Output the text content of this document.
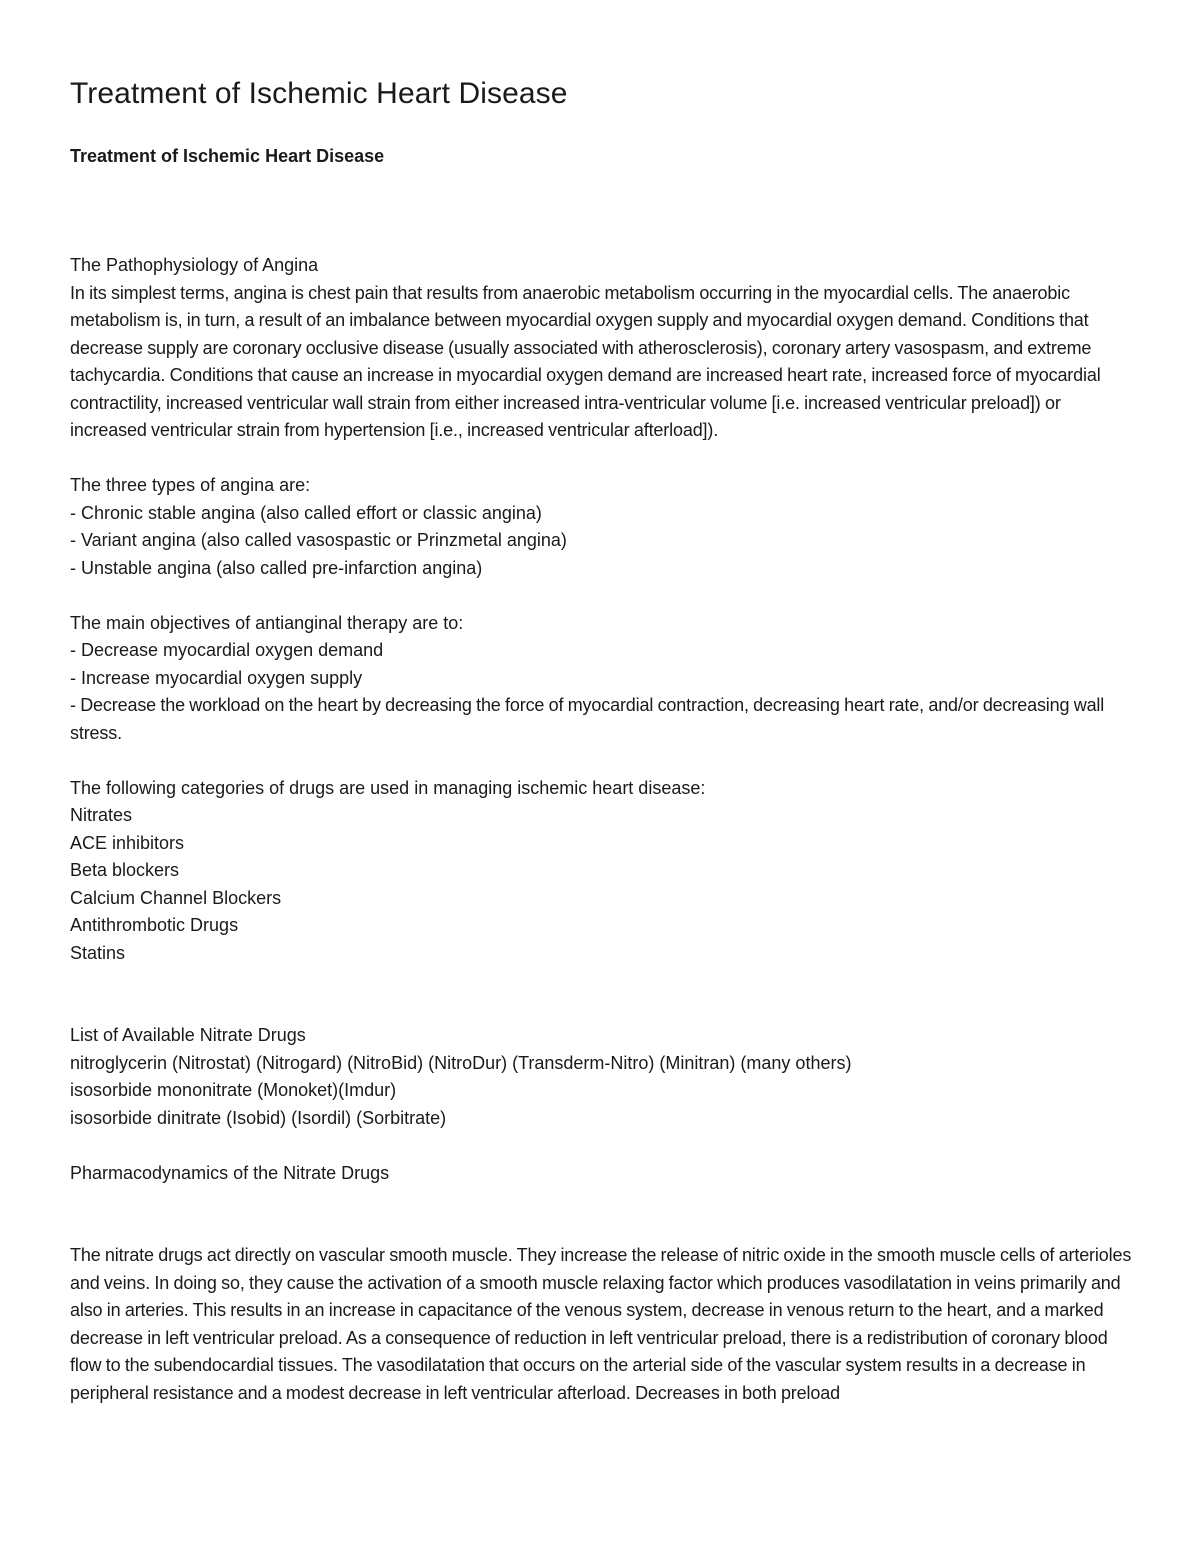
Treatment of Ischemic Heart Disease
Treatment of Ischemic Heart Disease
The Pathophysiology of Angina

In its simplest terms, angina is chest pain that results from anaerobic metabolism occurring in the myocardial cells. The anaerobic metabolism is, in turn, a result of an imbalance between myocardial oxygen supply and myocardial oxygen demand. Conditions that decrease supply are coronary occlusive disease (usually associated with atherosclerosis), coronary artery vasospasm, and extreme tachycardia. Conditions that cause an increase in myocardial oxygen demand are increased heart rate, increased force of myocardial contractility, increased ventricular wall strain from either increased intra-ventricular volume [i.e. increased ventricular preload]) or increased ventricular strain from hypertension [i.e., increased ventricular afterload]).

The three types of angina are:
- Chronic stable angina (also called effort or classic angina)
- Variant angina (also called vasospastic or Prinzmetal angina)
- Unstable angina (also called pre-infarction angina)
The main objectives of antianginal therapy are to:
- Decrease myocardial oxygen demand
- Increase myocardial oxygen supply
- Decrease the workload on the heart by decreasing the force of myocardial contraction, decreasing heart rate, and/or decreasing wall stress.
The following categories of drugs are used in managing ischemic heart disease:
Nitrates
ACE inhibitors
Beta blockers
Calcium Channel Blockers
Antithrombotic Drugs
Statins
List of Available Nitrate Drugs
nitroglycerin (Nitrostat) (Nitrogard) (NitroBid) (NitroDur) (Transderm-Nitro) (Minitran) (many others)
isosorbide mononitrate (Monoket)(Imdur)
isosorbide dinitrate (Isobid) (Isordil) (Sorbitrate)
Pharmacodynamics of the Nitrate Drugs

The nitrate drugs act directly on vascular smooth muscle. They increase the release of nitric oxide in the smooth muscle cells of arterioles and veins. In doing so, they cause the activation of a smooth muscle relaxing factor which produces vasodilatation in veins primarily and also in arteries. This results in an increase in capacitance of the venous system, decrease in venous return to the heart, and a marked decrease in left ventricular preload. As a consequence of reduction in left ventricular preload, there is a redistribution of coronary blood flow to the subendocardial tissues. The vasodilatation that occurs on the arterial side of the vascular system results in a decrease in peripheral resistance and a modest decrease in left ventricular afterload. Decreases in both preload
